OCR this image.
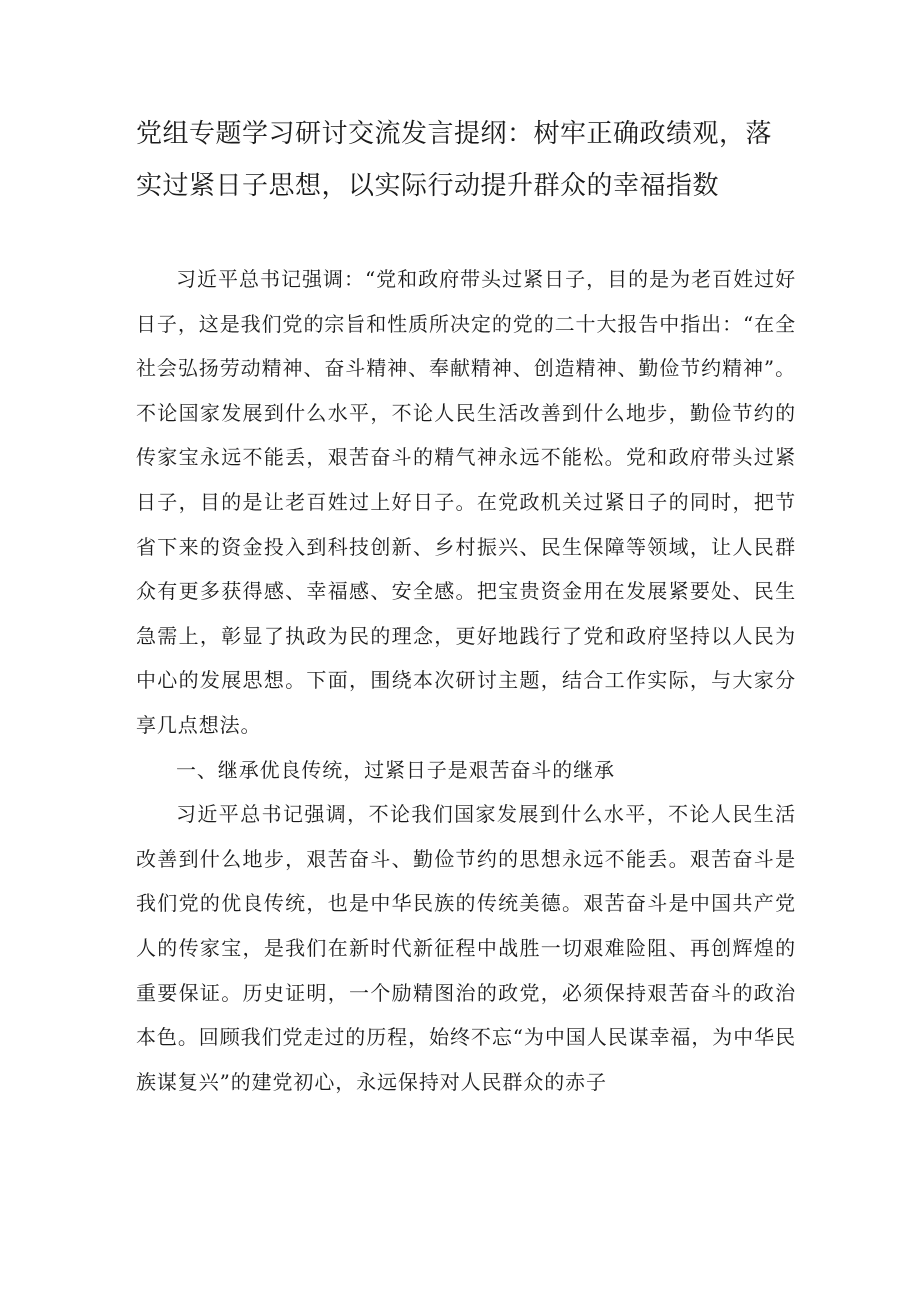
党组专题学习研讨交流发言提纲：树牢正确政绩观，落实过紧日子思想，以实际行动提升群众的幸福指数

习近平总书记强调：“党和政府带头过紧日子，目的是为老百姓过好日子，这是我们党的宗旨和性质所决定的党的二十大报告中指出：“在全社会弘扬劳动精神、奋斗精神、奉献精神、创造精神、勤俭节约精神”。不论国家发展到什么水平，不论人民生活改善到什么地步，勤俭节约的传家宝永远不能丢，艰苦奋斗的精气神永远不能松。党和政府带头过紧日子，目的是让老百姓过上好日子。在党政机关过紧日子的同时，把节省下来的资金投入到科技创新、乡村振兴、民生保障等领域，让人民群众有更多获得感、幸福感、安全感。把宝贵资金用在发展紧要处、民生急需上，彰显了执政为民的理念，更好地践行了党和政府坚持以人民为中心的发展思想。下面，围绕本次研讨主题，结合工作实际，与大家分享几点想法。

一、继承优良传统，过紧日子是艰苦奋斗的继承

习近平总书记强调，不论我们国家发展到什么水平，不论人民生活改善到什么地步，艰苦奋斗、勤俭节约的思想永远不能丢。艰苦奋斗是我们党的优良传统，也是中华民族的传统美德。艰苦奋斗是中国共产党人的传家宝，是我们在新时代新征程中战胜一切艰难险阻、再创辉煌的重要保证。历史证明，一个励精图治的政党，必须保持艰苦奋斗的政治本色。回顾我们党走过的历程，始终不忘“为中国人民谋幸福，为中华民族谋复兴”的建党初心，永远保持对人民群众的赤子
